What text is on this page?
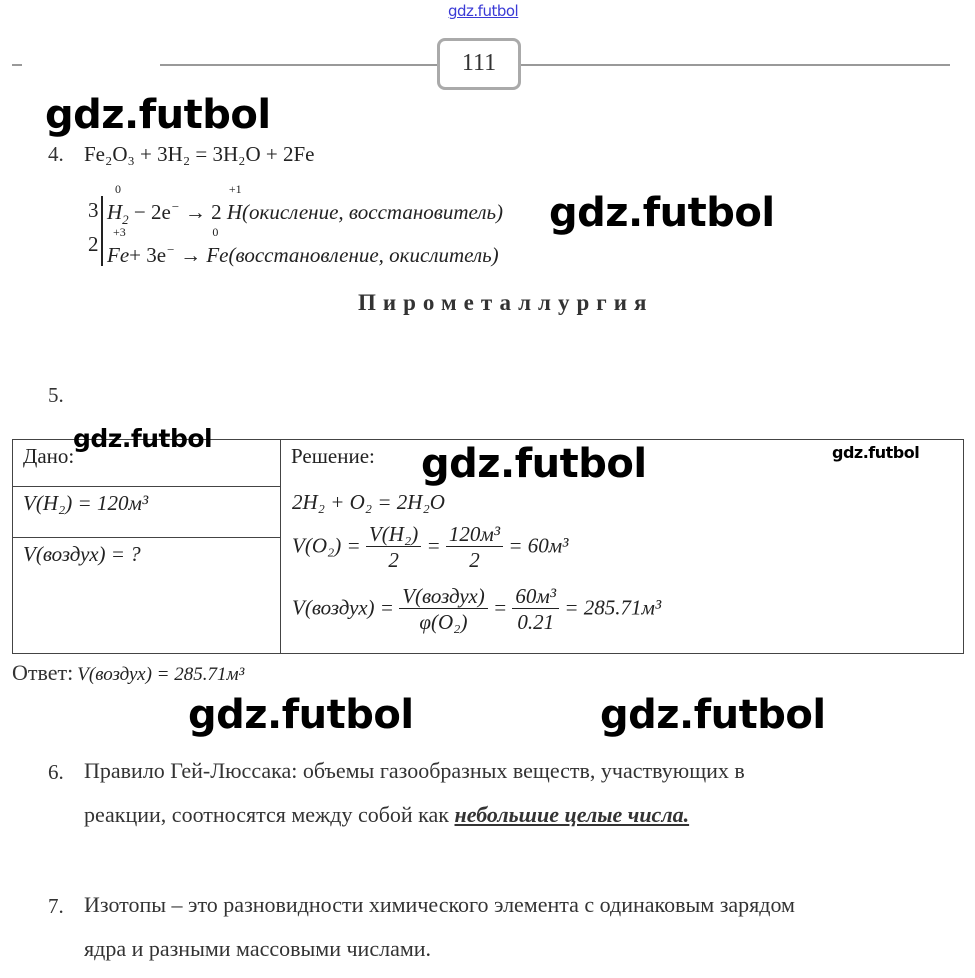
gdz.futbol
111
gdz.futbol
4. Fe₂O₃ + 3H₂ = 3H₂O + 2Fe
3
2
0
$H_2 - 2e^- \to 2$
+1
H(окисление, восстановитель)
+3
Fe+ 3e− →
0
Fe(восстановление, окислитель)
gdz.futbol
Пирометаллургия
5.
Дано:	Решение:

V(H₂) = 120м³
V(воздух) = ?
2H₂ + O₂ = 2H₂O
$V(O_2) = \frac{\text{V(H₂)}}{2} = \frac{\text{120м³}}{2} = 60м^3$
V(воздух) = $\frac{\text{V(воздух)}}{\text{φ(O₂)}} = \frac{\text{60м³}}{0.21} = 285.71м^3$
gdz.futbol
gdz.futbol	gdz.futbol
Ответ: V(воздух) = 285.71м³
gdz.futbol	gdz.futbol
6. Правило Гей-Люссака: объемы газообразных веществ, участвующих в
реакции, соотносятся между собой как небольшие целые числа.
7. Изотопы – это разновидности химического элемента с одинаковым зарядом
ядра и разными массовыми числами.
